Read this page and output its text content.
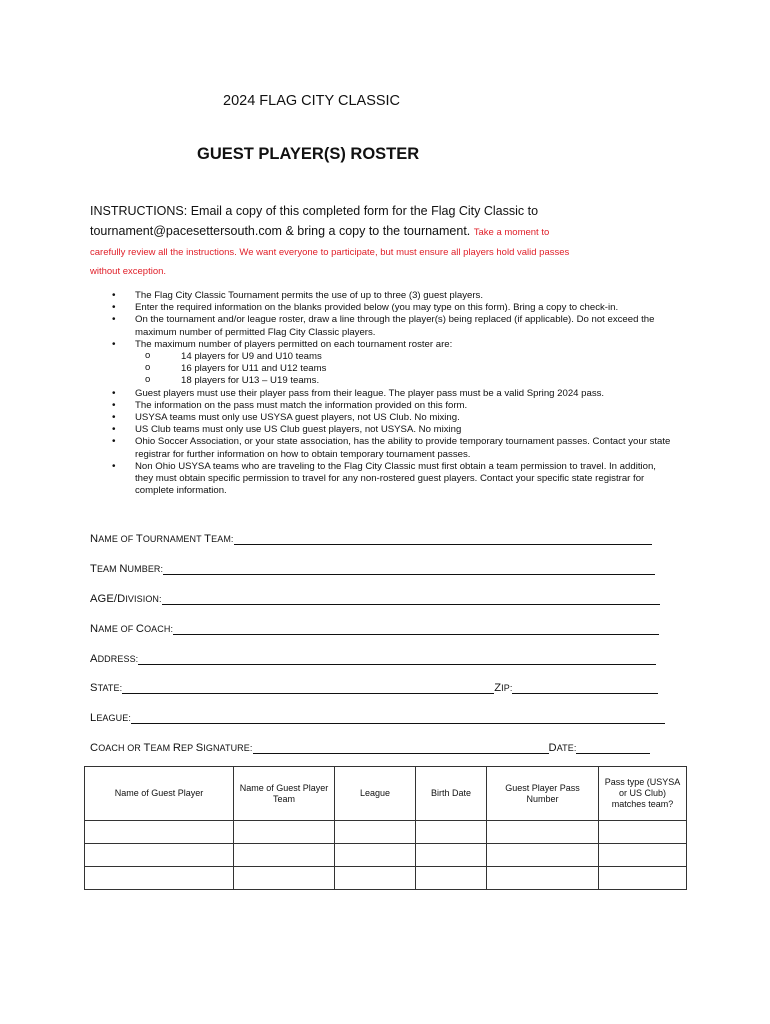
2024 FLAG CITY CLASSIC
GUEST PLAYER(S) ROSTER
INSTRUCTIONS: Email a copy of this completed form for the Flag City Classic to
tournament@pacesettersouth.com & bring a copy to the tournament. Take a moment to
carefully review all the instructions. We want everyone to participate, but must ensure all players hold valid passes
without exception.
• The Flag City Classic Tournament permits the use of up to three (3) guest players.
• Enter the required information on the blanks provided below (you may type on this form). Bring a copy to check-in.
• On the tournament and/or league roster, draw a line through the player(s) being replaced (if applicable). Do not exceed the maximum number of permitted Flag City Classic players.
• The maximum number of players permitted on each tournament roster are:
o 14 players for U9 and U10 teams
o 16 players for U11 and U12 teams
o 18 players for U13 – U19 teams.
• Guest players must use their player pass from their league. The player pass must be a valid Spring 2024 pass.
• The information on the pass must match the information provided on this form.
• USYSA teams must only use USYSA guest players, not US Club. No mixing.
• US Club teams must only use US Club guest players, not USYSA. No mixing
• Ohio Soccer Association, or your state association, has the ability to provide temporary tournament passes. Contact your state registrar for further information on how to obtain temporary tournament passes.
• Non Ohio USYSA teams who are traveling to the Flag City Classic must first obtain a team permission to travel. In addition, they must obtain specific permission to travel for any non-rostered guest players. Contact your specific state registrar for complete information.
NAME OF TOURNAMENT TEAM:
TEAM NUMBER:
AGE/DIVISION:
NAME OF COACH:
ADDRESS:
STATE:	ZIP:
LEAGUE:
COACH OR TEAM REP SIGNATURE:	DATE:
Name of Guest Player	Name of Guest Player Team	League	Birth Date	Guest Player Pass Number	Pass type (USYSA or US Club) matches team?
